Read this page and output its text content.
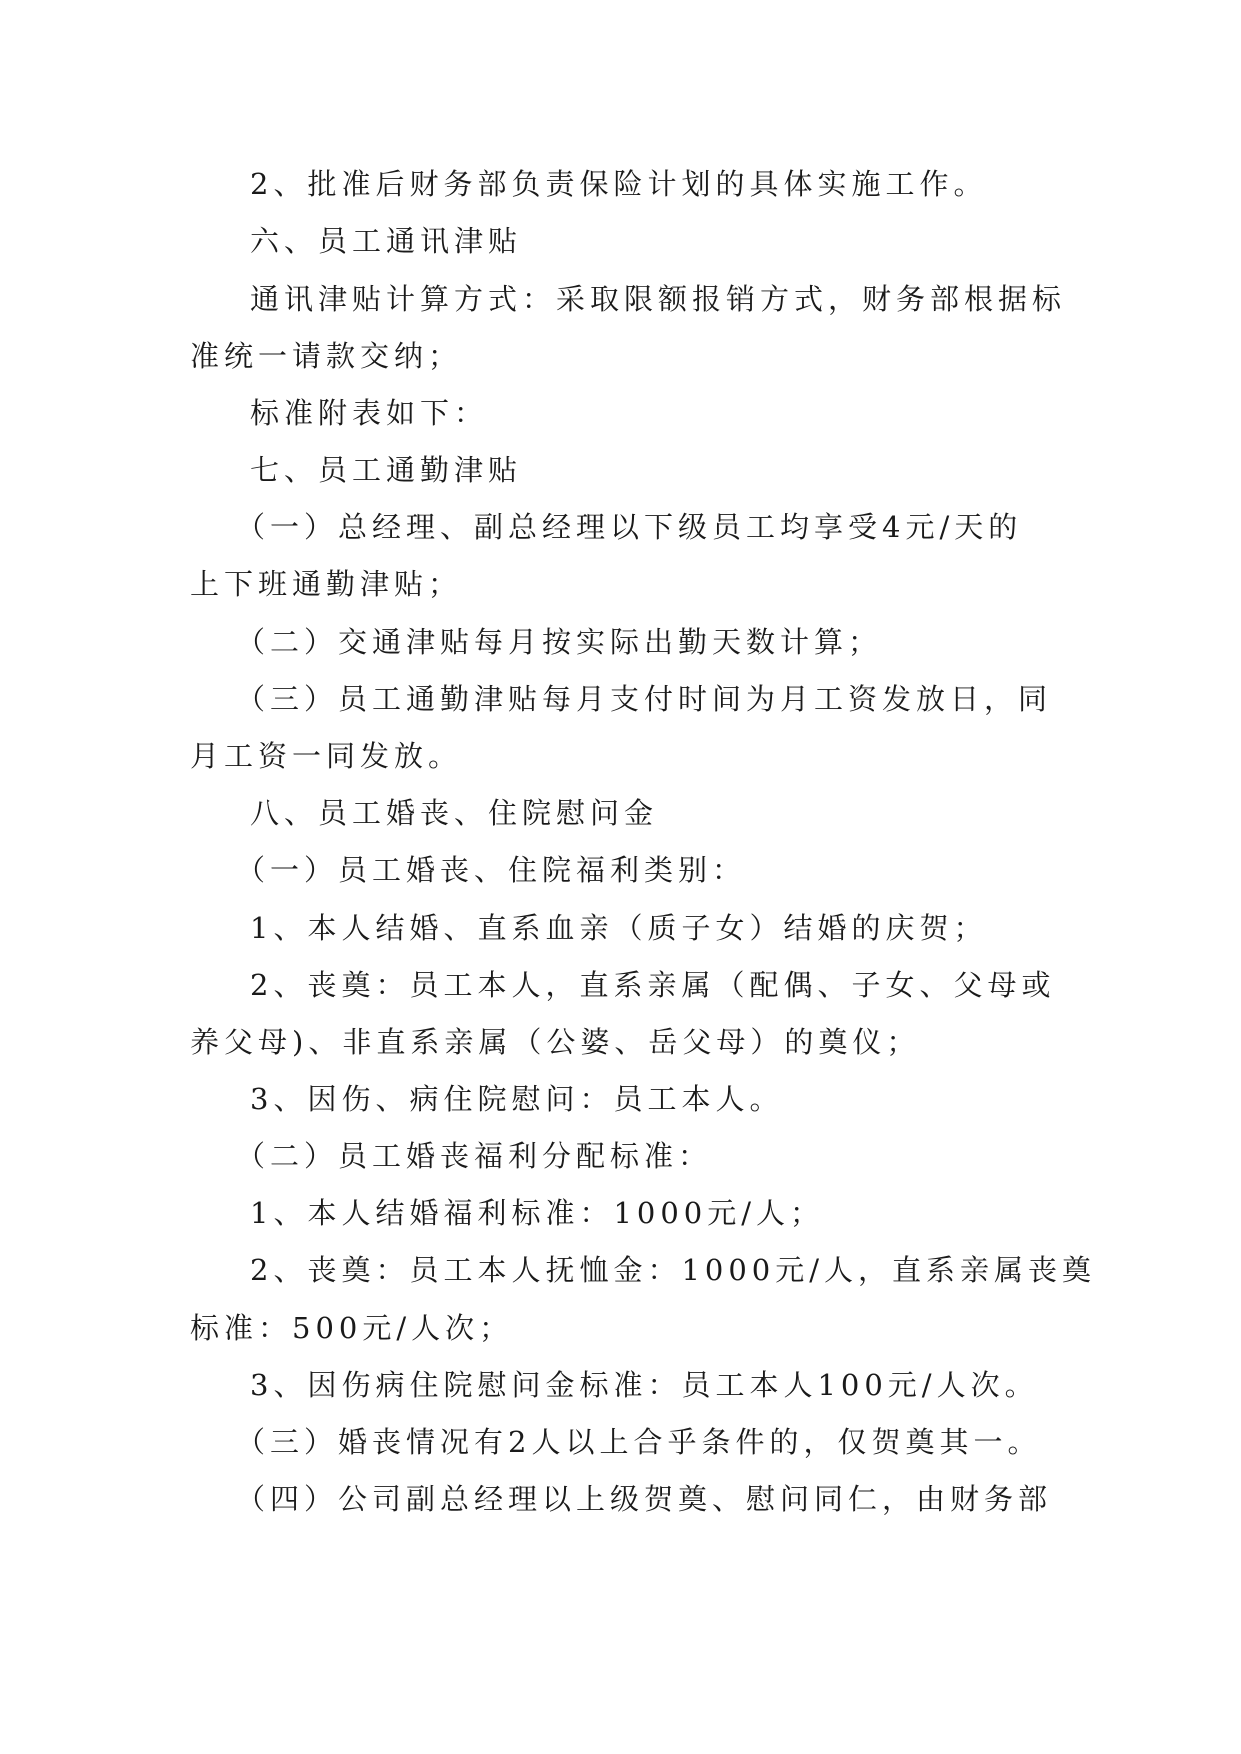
2、批准后财务部负责保险计划的具体实施工作。
六、员工通讯津贴
通讯津贴计算方式：采取限额报销方式，财务部根据标
准统一请款交纳；
标准附表如下：
七、员工通勤津贴
（一）总经理、副总经理以下级员工均享受4元/天的
上下班通勤津贴；
（二）交通津贴每月按实际出勤天数计算；
（三）员工通勤津贴每月支付时间为月工资发放日，同
月工资一同发放。
八、员工婚丧、住院慰问金
（一）员工婚丧、住院福利类别：
1、本人结婚、直系血亲（质子女）结婚的庆贺；
2、丧奠：员工本人，直系亲属（配偶、子女、父母或
养父母)、非直系亲属（公婆、岳父母）的奠仪；
3、因伤、病住院慰问：员工本人。
（二）员工婚丧福利分配标准：
1、本人结婚福利标准：1000元/人；
2、丧奠：员工本人抚恤金：1000元/人，直系亲属丧奠
标准：500元/人次；
3、因伤病住院慰问金标准：员工本人100元/人次。
（三）婚丧情况有2人以上合乎条件的，仅贺奠其一。
（四）公司副总经理以上级贺奠、慰问同仁，由财务部
